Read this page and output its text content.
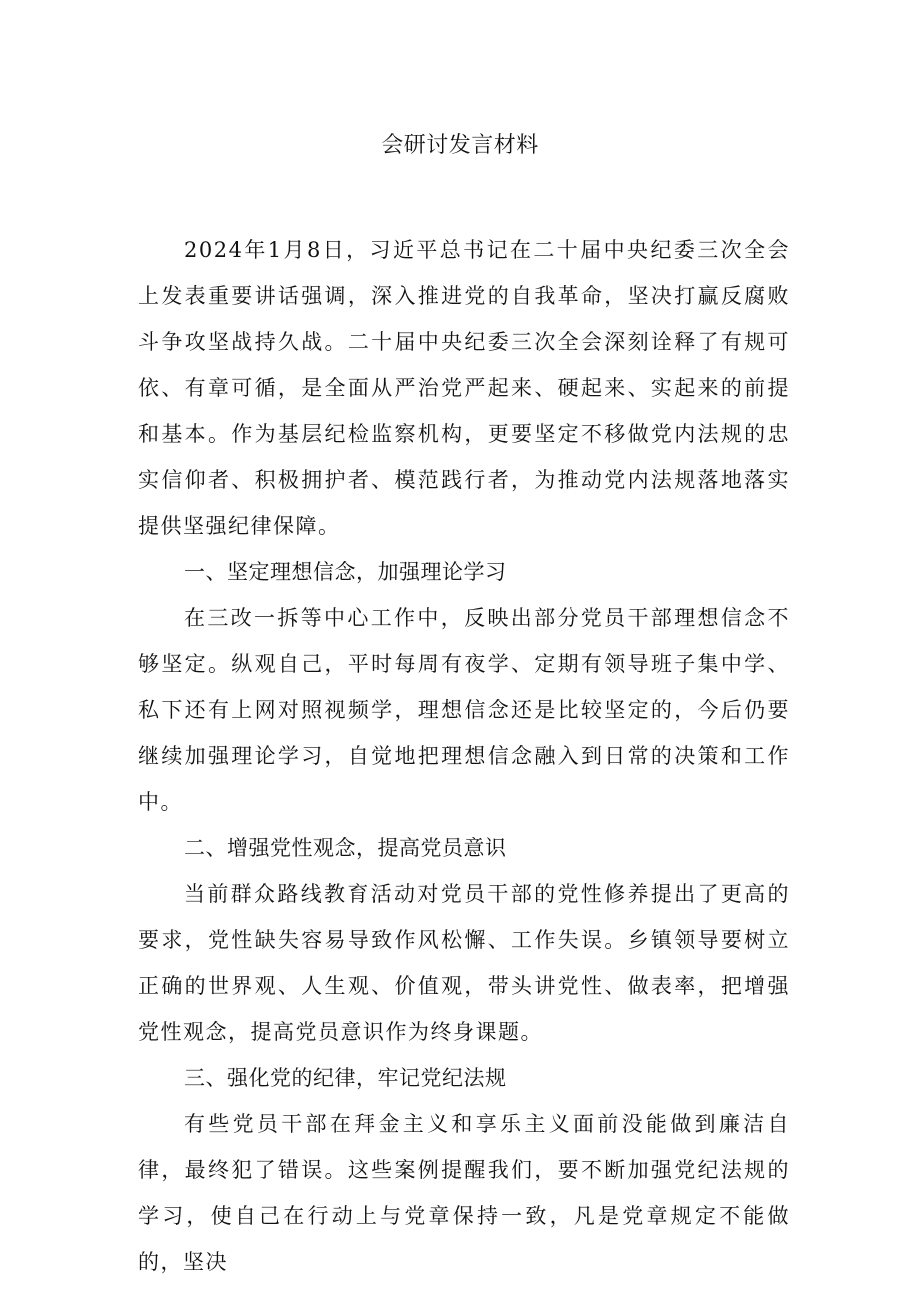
会研讨发言材料

2024年1月8日，习近平总书记在二十届中央纪委三次全会上发表重要讲话强调，深入推进党的自我革命，坚决打赢反腐败斗争攻坚战持久战。二十届中央纪委三次全会深刻诠释了有规可依、有章可循，是全面从严治党严起来、硬起来、实起来的前提和基本。作为基层纪检监察机构，更要坚定不移做党内法规的忠实信仰者、积极拥护者、模范践行者，为推动党内法规落地落实提供坚强纪律保障。

一、坚定理想信念，加强理论学习

在三改一拆等中心工作中，反映出部分党员干部理想信念不够坚定。纵观自己，平时每周有夜学、定期有领导班子集中学、私下还有上网对照视频学，理想信念还是比较坚定的，今后仍要继续加强理论学习，自觉地把理想信念融入到日常的决策和工作中。

二、增强党性观念，提高党员意识

当前群众路线教育活动对党员干部的党性修养提出了更高的要求，党性缺失容易导致作风松懈、工作失误。乡镇领导要树立正确的世界观、人生观、价值观，带头讲党性、做表率，把增强党性观念，提高党员意识作为终身课题。

三、强化党的纪律，牢记党纪法规

有些党员干部在拜金主义和享乐主义面前没能做到廉洁自律，最终犯了错误。这些案例提醒我们，要不断加强党纪法规的学习，使自己在行动上与党章保持一致，凡是党章规定不能做的，坚决
